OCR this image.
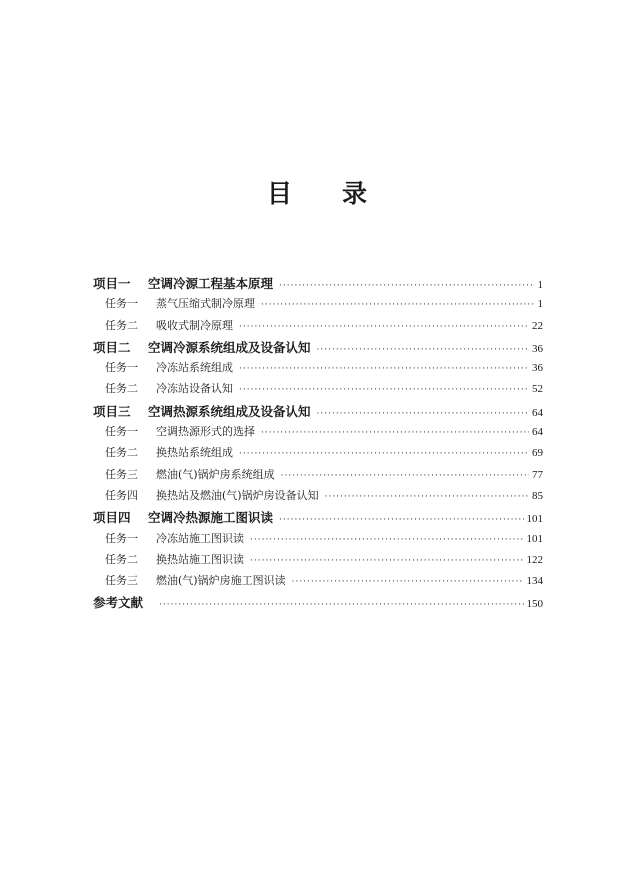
目 录
项目一	空调冷源工程基本原理 ·····	1
任务一	蒸气压缩式制冷原理 ·····	1
任务二	吸收式制冷原理 ·····	22
项目二	空调冷源系统组成及设备认知 ·····	36
任务一	冷冻站系统组成 ·····	36
任务二	冷冻站设备认知 ·····	52
项目三	空调热源系统组成及设备认知 ·····	64
任务一	空调热源形式的选择 ·····	64
任务二	换热站系统组成 ·····	69
任务三	燃油(气)锅炉房系统组成 ·····	77
任务四	换热站及燃油(气)锅炉房设备认知 ·····	85
项目四	空调冷热源施工图识读 ·····	101
任务一	冷冻站施工图识读 ·····	101
任务二	换热站施工图识读 ·····	122
任务三	燃油(气)锅炉房施工图识读 ·····	134
参考文献 ·····	150
